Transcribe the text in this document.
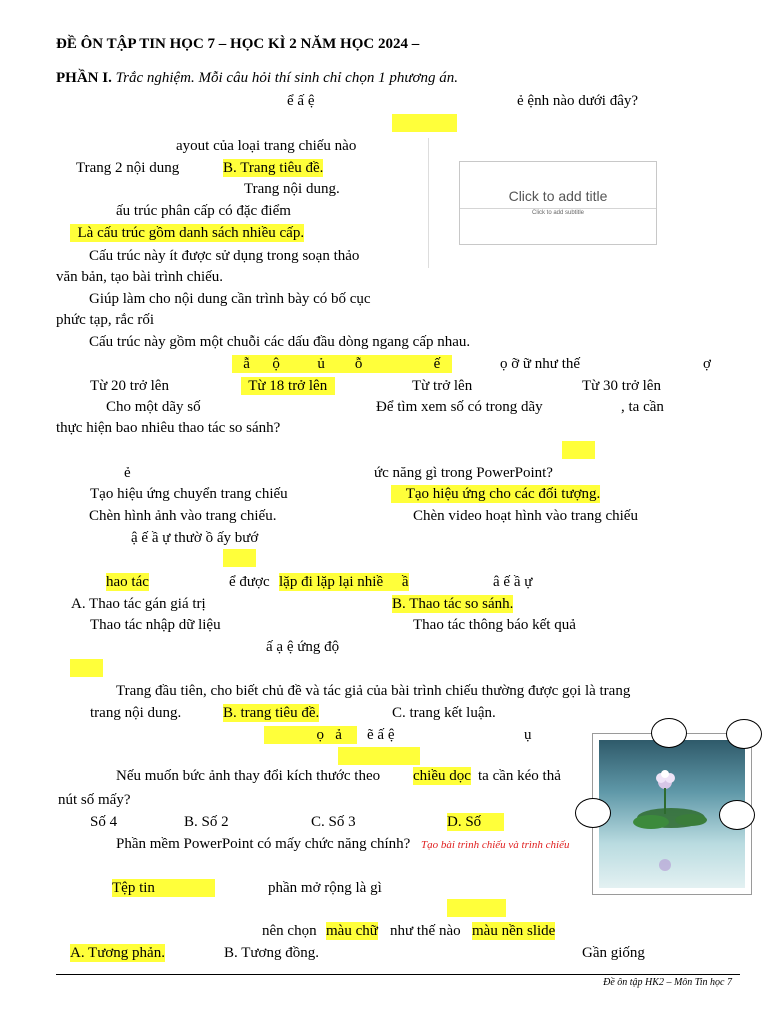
ĐỀ ÔN TẬP TIN HỌC 7 – HỌC KÌ 2 NĂM HỌC 2024 –
PHẦN I. Trắc nghiệm. Mỗi câu hỏi thí sinh chỉ chọn 1 phương án.
Click to add title
Click to add subtitle
ể ấ ệ	ẻ ệnh nào dưới đây?
ayout của loại trang chiếu nào
Trang 2 nội dung
Trang nội dung.
ấu trúc phân cấp có đặc điểm
Cấu trúc này ít được sử dụng trong soạn thảo
văn bản, tạo bài trình chiếu.
Giúp làm cho nội dung cần trình bày có bố cục
phức tạp, rắc rối
Cấu trúc này gồm một chuỗi các dấu đầu dòng ngang cấp nhau.
ọ ỡ ữ như thế	ợ
Từ 20 trở lên	Từ trở lên	Từ 30 trở lên
Cho một dãy số	Để tìm xem số có trong dãy	, ta cần
thực hiện bao nhiêu thao tác so sánh?
ẻ	ức năng gì trong PowerPoint?
Tạo hiệu ứng chuyển trang chiếu
Chèn hình ảnh vào trang chiếu.	Chèn video hoạt hình vào trang chiếu
ậ ế ầ ự thườ ồ ấy bướ
ể được	â ế ầ ự
A. Thao tác gán giá trị
Thao tác nhập dữ liệu	Thao tác thông báo kết quả
ấ ạ ệ ứng độ
Trang đầu tiên, cho biết chủ đề và tác giả của bài trình chiếu thường được gọi là trang
trang nội dung.	C. trang kết luận.
ẽ ấ ệ	ụ
Nếu muốn bức ảnh thay đổi kích thước theo	ta cần kéo thả
nút số mấy?
Số 4	B. Số 2	C. Số 3
Phần mềm PowerPoint có mấy chức năng chính?
phần mở rộng là gì
nên chọn	như thế nào
B. Tương đồng.	Gần giống
B. Trang tiêu đề.
Là cấu trúc gồm danh sách nhiều cấp.
ẫ      ộ          ủ        ỗ                   ế
Từ 18 trở lên
Tạo hiệu ứng cho các đối tượng.
hao tác	lặp đi lặp lại nhiề     ầ
B. Thao tác so sánh.
B. trang tiêu đề.
ọ   ả
chiều dọc
D. Số
Tệp tin
màu chữ	màu nền slide
A. Tương phản.
Tạo bài trình chiếu và trình chiếu
Đề ôn tập HK2 – Môn Tin học 7
